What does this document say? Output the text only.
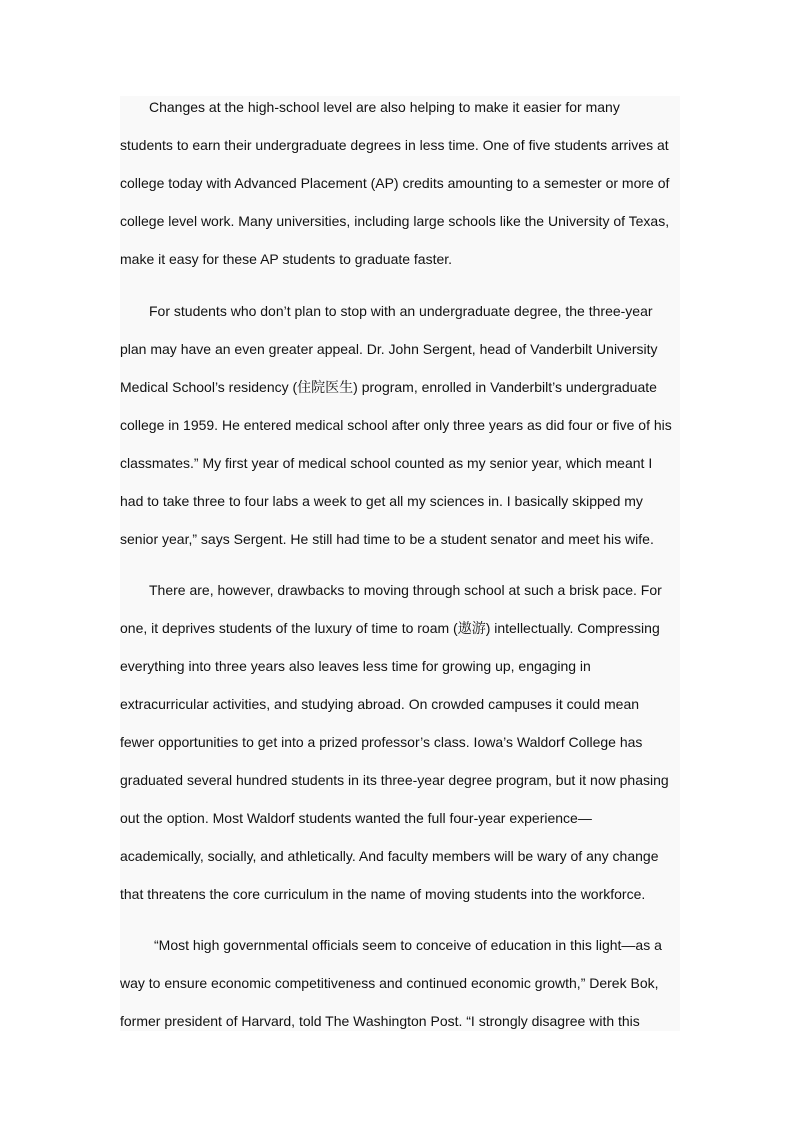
Changes at the high-school level are also helping to make it easier for many
students to earn their undergraduate degrees in less time. One of five students arrives at
college today with Advanced Placement (AP) credits amounting to a semester or more of
college level work. Many universities, including large schools like the University of Texas,
make it easy for these AP students to graduate faster.
For students who don’t plan to stop with an undergraduate degree, the three-year
plan may have an even greater appeal. Dr. John Sergent, head of Vanderbilt University
Medical School’s residency (住院医生) program, enrolled in Vanderbilt’s undergraduate
college in 1959. He entered medical school after only three years as did four or five of his
classmates.” My first year of medical school counted as my senior year, which meant I
had to take three to four labs a week to get all my sciences in. I basically skipped my
senior year,” says Sergent. He still had time to be a student senator and meet his wife.
There are, however, drawbacks to moving through school at such a brisk pace. For
one, it deprives students of the luxury of time to roam (遨游) intellectually. Compressing
everything into three years also leaves less time for growing up, engaging in
extracurricular activities, and studying abroad. On crowded campuses it could mean
fewer opportunities to get into a prized professor’s class. Iowa’s Waldorf College has
graduated several hundred students in its three-year degree program, but it now phasing
out the option. Most Waldorf students wanted the full four-year experience—
academically, socially, and athletically. And faculty members will be wary of any change
that threatens the core curriculum in the name of moving students into the workforce.
“Most high governmental officials seem to conceive of education in this light—as a
way to ensure economic competitiveness and continued economic growth,” Derek Bok,
former president of Harvard, told The Washington Post. “I strongly disagree with this
